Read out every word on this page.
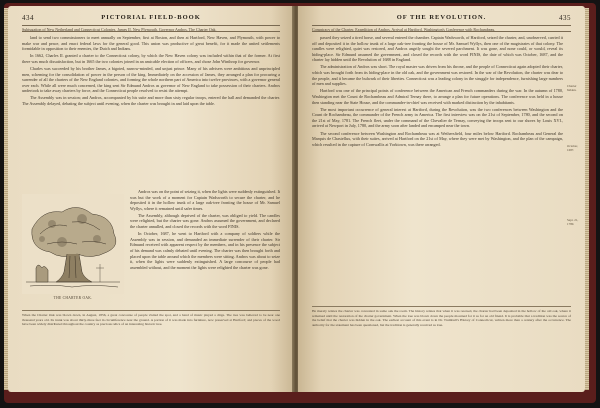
434	PICTORIAL FIELD-BOOK
Subjugation of New Netherland and Connecticut Colonies. James II. New Plymouth. Governor Andros. The Charter Oak.

land to send two commissioners to meet annually on September, first at Boston, and then at Hartford, New Haven, and Plymouth, with power to make war and peace, and enact federal laws for the general good. This union was productive of great benefit, for it made the united settlements formidable in opposition to their enemies, the Dutch and Indians.

In 1662, Charles II. granted a charter to the Connecticut colony, by which the New Haven colony was included within that of the former. At first there was much dissatisfaction, but in 1665 the two colonies joined in an amicable election of officers, and chose John Winthrop for governor.

Charles was succeeded by his brother James, a bigoted, narrow-minded, and unjust prince. Many of his advisers were ambitious and unprincipled men, scheming for the consolidation of power in the person of the king. Immediately on the accession of James, they arranged a plan for procuring a surrender of all the charters of the New England colonies, and forming the whole northern part of America into twelve provinces, with a governor general over each. While all were much concerned, the king sent Sir Edmund Andros as governor of New England to take possession of their charters. Andros undertook to take away charters by force, and the Connecticut people resolved to resist the attempt.

The Assembly was in session; and Andros, accompanied by his suite and more than sixty regular troops, entered the hall and demanded the charter. The Assembly delayed, debating the subject until evening, when the charter was brought in and laid upon the table.

THE CHARTER OAK.

Andros was on the point of seizing it, when the lights were suddenly extinguished. It was but the work of a moment for Captain Wadsworth to secure the charter, and he deposited it in the hollow trunk of a large oak-tree fronting the house of Mr. Samuel Wyllys, where it remained until safer times.

The Assembly, although deprived of the charter, was obliged to yield. The candles were relighted, but the charter was gone. Andros assumed the government, and declared the charter annulled, and closed the records with the word FINIS.

In October, 1687, he went to Hartford with a company of soldiers while the Assembly was in session, and demanded an immediate surrender of their charter. Sir Edmund received with apparent respect by the members, and in his presence the subject of his demand was calmly debated until evening. The charter was then brought forth and placed upon the table around which the members were sitting. Andros was about to seize it, when the lights were suddenly extinguished. A large concourse of people had assembled without, and the moment the lights were relighted the charter was gone.

When the Charter Oak was blown down, in August, 1856, a great concourse of people visited the spot, and a band of music played a dirge. The tree was believed to be near one thousand years old. Its trunk was about thirty-three feet in circumference near the ground. A portion of it was made into furniture, now preserved at Hartford; and pieces of the wood have been widely distributed throughout the country as precious relics of an interesting historic tree.
OF THE REVOLUTION.	435
Conspiracy of the Charter. Expedition of Andros. Arrival at Hartford. Washington's Conference with Rochambeau.

passed they seized a tired horse, and several entered the chamber. Captain Wadsworth, of Hartford, seized the charter, and, unobserved, carried it off and deposited it in the hollow trunk of a large oak-tree fronting the house of Mr. Samuel Wyllys, then one of the magistrates of that colony. The candles were relighted, quiet was restored, and Andros angrily sought the severed parchment. It was gone, and none could, or would, reveal its hiding-place. Sir Edmund assumed the government, and closed the records with the word FINIS, the date of which was October, 1687, and the charter lay hidden until the Revolution of 1688 in England.

The administration of Andros was short. The royal master was driven from his throne, and the people of Connecticut again adopted their charter, which was brought forth from its hiding-place in the old oak, and the government was restored. In the war of the Revolution, the charter was dear to the people, and it became the bulwark of their liberties. Connecticut was a leading colony in the struggle for independence, furnishing large numbers of men and supplies.

Hartford was one of the principal points of conference between the American and French commanders during the war. In the autumn of 1780, Washington met the Count de Rochambeau and Admiral Ternay there, to arrange a plan for future operations. The conference was held in a house then standing near the State House, and the commander-in-chief was received with marked distinction by the inhabitants.

The most important occurrence of general interest at Hartford, during the Revolution, was the two conferences between Washington and the Count de Rochambeau, the commander of the French army in America. The first interview was on the 21st of September, 1780, and the second on the 21st of May, 1781. The French fleet, under the command of the Chevalier de Ternay, conveying the troops sent to our shores by Louis XVI., arrived at Newport in July, 1780, and the army soon after landed and encamped near the town.

The second conference between Washington and Rochambeau was at Wethersfield, four miles below Hartford. Rochambeau and General the Marquis de Chastellux, with their suites, arrived at Hartford on the 21st of May, where they were met by Washington, and the plan of the campaign, which resulted in the capture of Cornwallis at Yorktown, was there arranged.

Charter hidden.
October, 1687.
Sept. 21, 1780.
He merely relates the charter was concealed in some oak the room. The history relates that when it was rescued, the charter had been deposited in the hollow of the old oak, where it remained until the restoration of the charter government. When the tree was blown down the people mourned for it as for an old friend. It is probable that a tradition was the source of the belief that the charter was hidden in the oak. The earliest account of this event is in Dr. Trumbull's History of Connecticut, written more than a century after the occurrence. The authority for the statement has been questioned, but the tradition is generally received as true.
